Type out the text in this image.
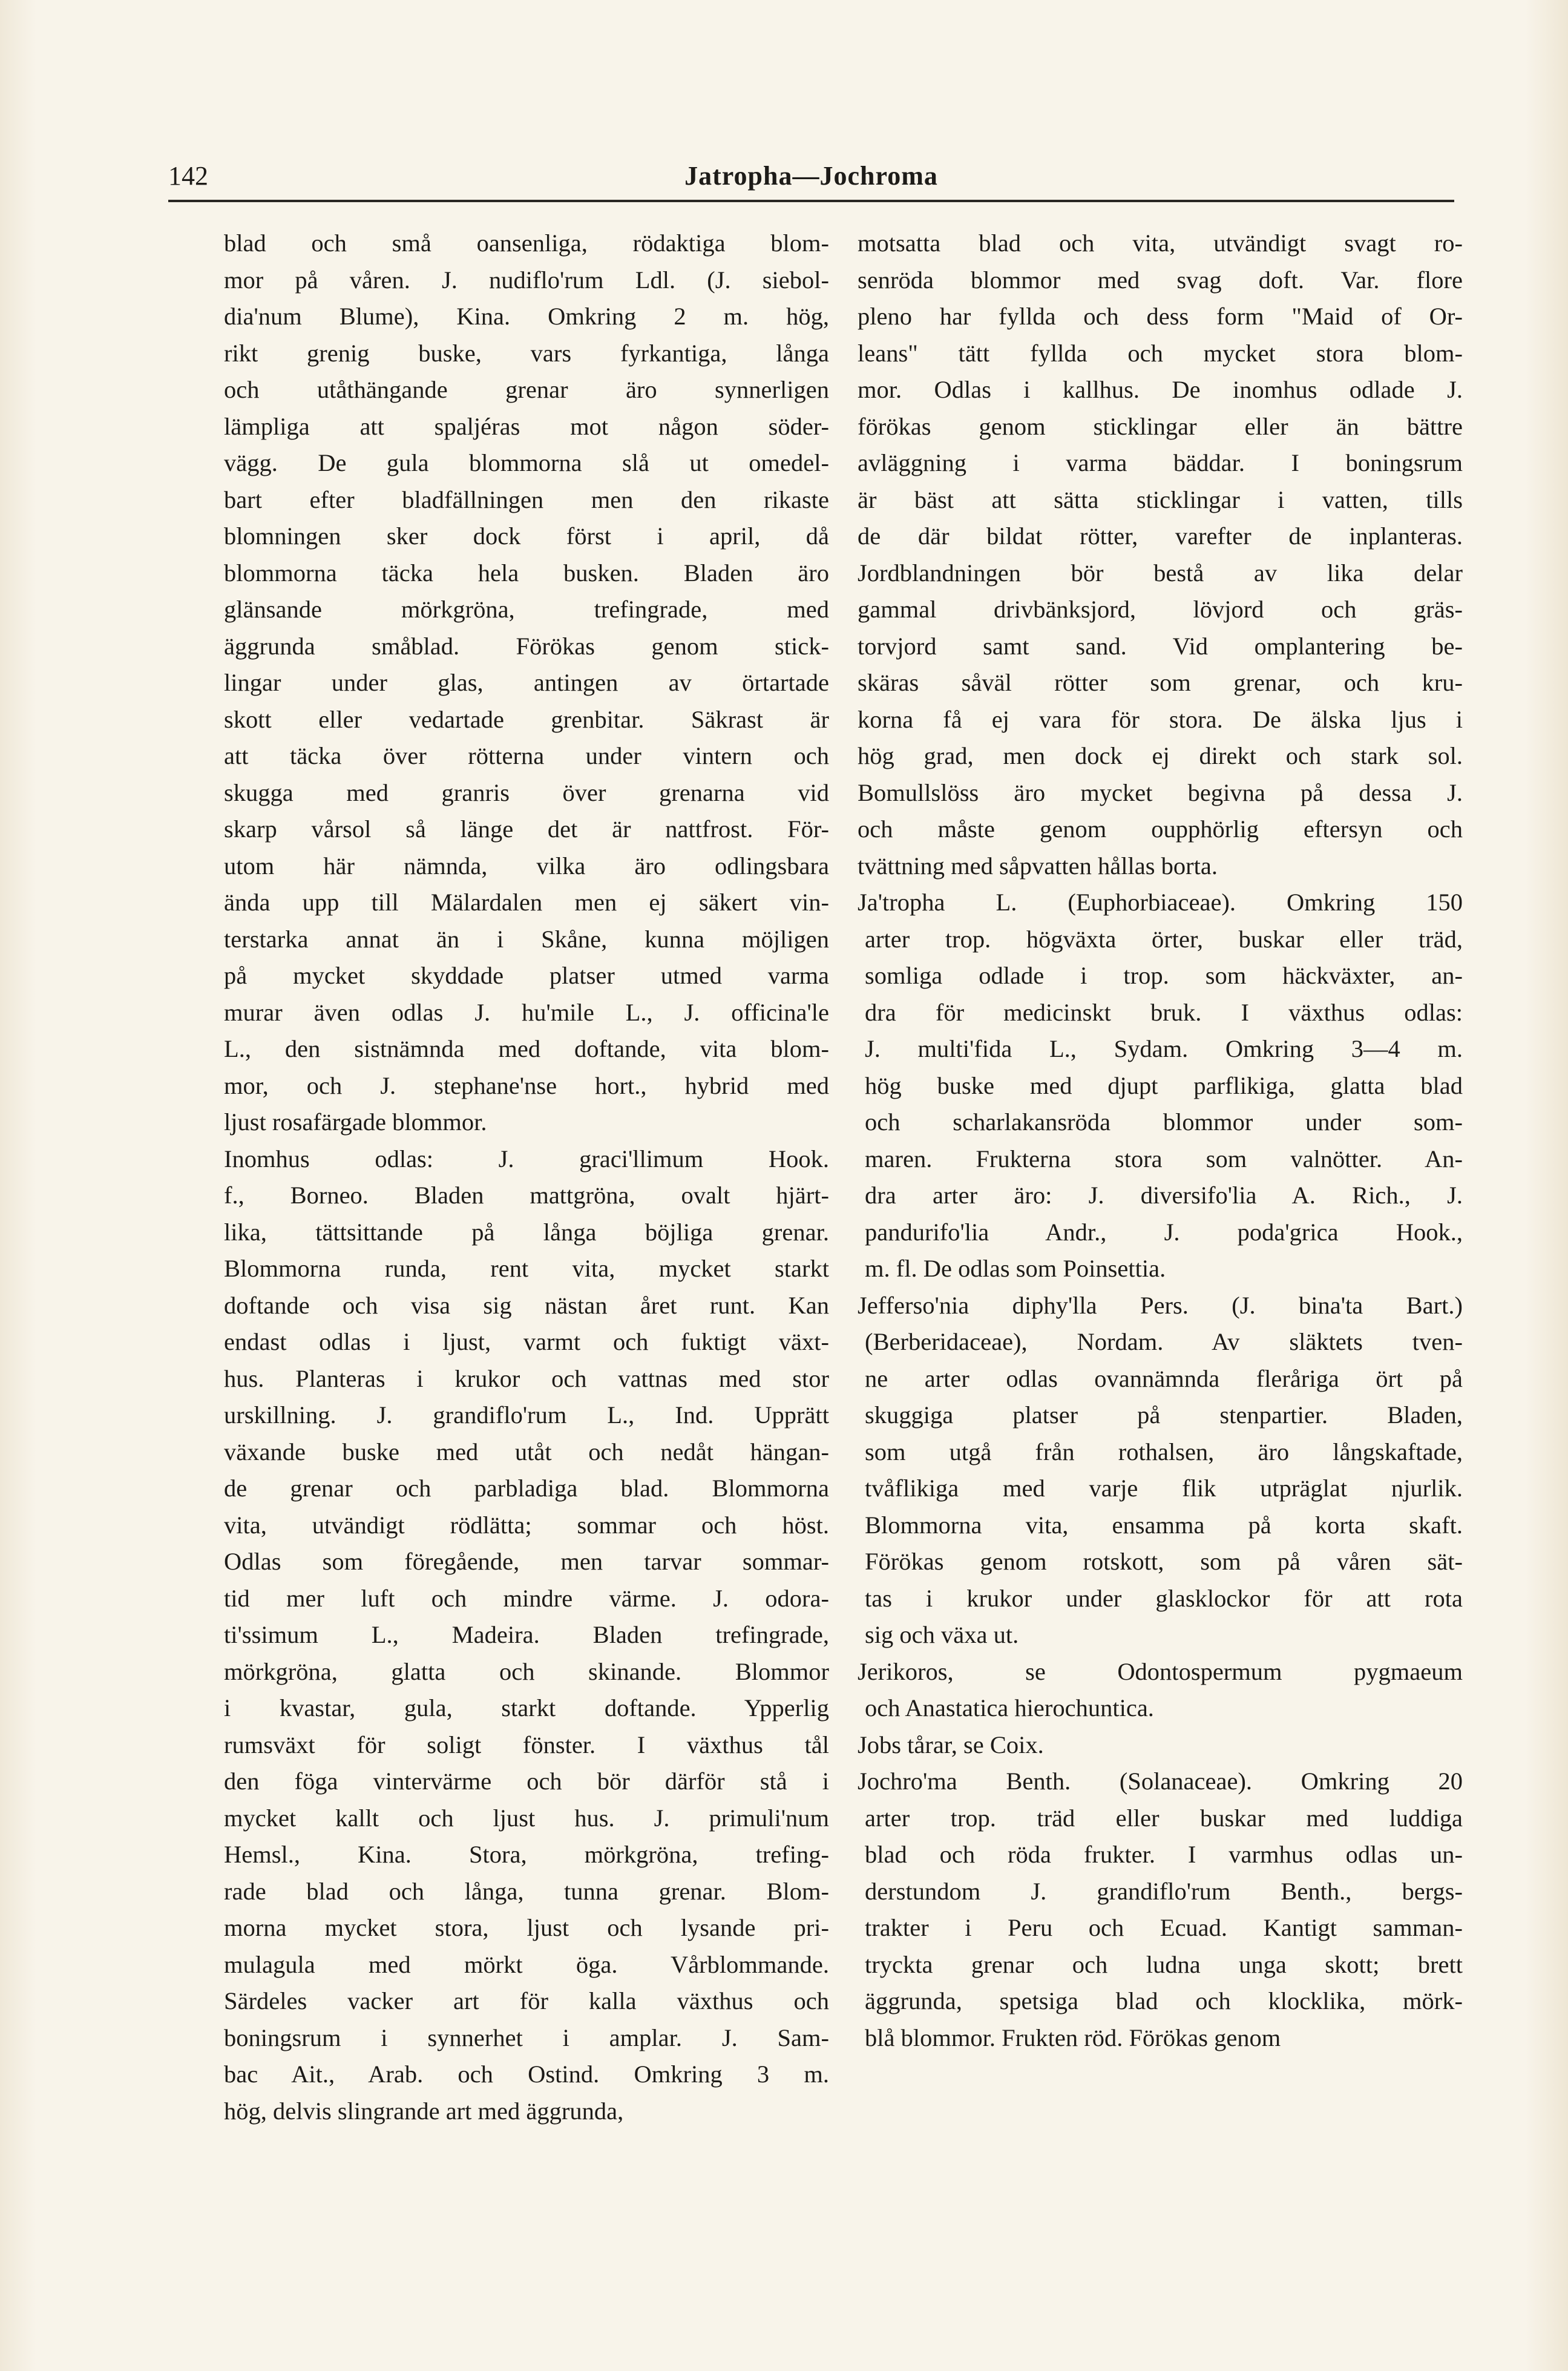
142	Jatropha—Jochroma
blad och små oansenliga, rödaktiga blom-
mor på våren. J. nudiflo'rum Ldl. (J. siebol-
dia'num Blume), Kina. Omkring 2 m. hög,
rikt grenig buske, vars fyrkantiga, långa
och utåthängande grenar äro synnerligen
lämpliga att spaljéras mot någon söder-
vägg. De gula blommorna slå ut omedel-
bart efter bladfällningen men den rikaste
blomningen sker dock först i april, då
blommorna täcka hela busken. Bladen äro
glänsande mörkgröna, trefingrade, med
äggrunda småblad. Förökas genom stick-
lingar under glas, antingen av örtartade
skott eller vedartade grenbitar. Säkrast är
att täcka över rötterna under vintern och
skugga med granris över grenarna vid
skarp vårsol så länge det är nattfrost. För-
utom här nämnda, vilka äro odlingsbara
ända upp till Mälardalen men ej säkert vin-
terstarka annat än i Skåne, kunna möjligen
på mycket skyddade platser utmed varma
murar även odlas J. hu'mile L., J. officina'le
L., den sistnämnda med doftande, vita blom-
mor, och J. stephane'nse hort., hybrid med
ljust rosafärgade blommor.
Inomhus odlas: J. graci'llimum Hook.
f., Borneo. Bladen mattgröna, ovalt hjärt-
lika, tättsittande på långa böjliga grenar.
Blommorna runda, rent vita, mycket starkt
doftande och visa sig nästan året runt. Kan
endast odlas i ljust, varmt och fuktigt växt-
hus. Planteras i krukor och vattnas med stor
urskillning. J. grandiflo'rum L., Ind. Upprätt
växande buske med utåt och nedåt hängan-
de grenar och parbladiga blad. Blommorna
vita, utvändigt rödlätta; sommar och höst.
Odlas som föregående, men tarvar sommar-
tid mer luft och mindre värme. J. odora-
ti'ssimum L., Madeira. Bladen trefingrade,
mörkgröna, glatta och skinande. Blommor
i kvastar, gula, starkt doftande. Ypperlig
rumsväxt för soligt fönster. I växthus tål
den föga vintervärme och bör därför stå i
mycket kallt och ljust hus. J. primuli'num
Hemsl., Kina. Stora, mörkgröna, trefing-
rade blad och långa, tunna grenar. Blom-
morna mycket stora, ljust och lysande pri-
mulagula med mörkt öga. Vårblommande.
Särdeles vacker art för kalla växthus och
boningsrum i synnerhet i amplar. J. Sam-
bac Ait., Arab. och Ostind. Omkring 3 m.
hög, delvis slingrande art med äggrunda,
motsatta blad och vita, utvändigt svagt ro-
senröda blommor med svag doft. Var. flore
pleno har fyllda och dess form "Maid of Or-
leans" tätt fyllda och mycket stora blom-
mor. Odlas i kallhus. De inomhus odlade J.
förökas genom sticklingar eller än bättre
avläggning i varma bäddar. I boningsrum
är bäst att sätta sticklingar i vatten, tills
de där bildat rötter, varefter de inplanteras.
Jordblandningen bör bestå av lika delar
gammal drivbänksjord, lövjord och gräs-
torvjord samt sand. Vid omplantering be-
skäras såväl rötter som grenar, och kru-
korna få ej vara för stora. De älska ljus i
hög grad, men dock ej direkt och stark sol.
Bomullslöss äro mycket begivna på dessa J.
och måste genom oupphörlig eftersyn och
tvättning med såpvatten hållas borta.
Ja'tropha L. (Euphorbiaceae). Omkring 150
arter trop. högväxta örter, buskar eller träd,
somliga odlade i trop. som häckväxter, an-
dra för medicinskt bruk. I växthus odlas:
J. multi'fida L., Sydam. Omkring 3—4 m.
hög buske med djupt parflikiga, glatta blad
och scharlakansröda blommor under som-
maren. Frukterna stora som valnötter. An-
dra arter äro: J. diversifo'lia A. Rich., J.
pandurifo'lia Andr., J. poda'grica Hook.,
m. fl. De odlas som Poinsettia.
Jefferso'nia diphy'lla Pers. (J. bina'ta Bart.)
(Berberidaceae), Nordam. Av släktets tven-
ne arter odlas ovannämnda fleråriga ört på
skuggiga platser på stenpartier. Bladen,
som utgå från rothalsen, äro långskaftade,
tvåflikiga med varje flik utpräglat njurlik.
Blommorna vita, ensamma på korta skaft.
Förökas genom rotskott, som på våren sät-
tas i krukor under glasklockor för att rota
sig och växa ut.
Jerikoros, se Odontospermum pygmaeum
och Anastatica hierochuntica.
Jobs tårar, se Coix.
Jochro'ma Benth. (Solanaceae). Omkring 20
arter trop. träd eller buskar med luddiga
blad och röda frukter. I varmhus odlas un-
derstundom J. grandiflo'rum Benth., bergs-
trakter i Peru och Ecuad. Kantigt samman-
tryckta grenar och ludna unga skott; brett
äggrunda, spetsiga blad och klocklika, mörk-
blå blommor. Frukten röd. Förökas genom
